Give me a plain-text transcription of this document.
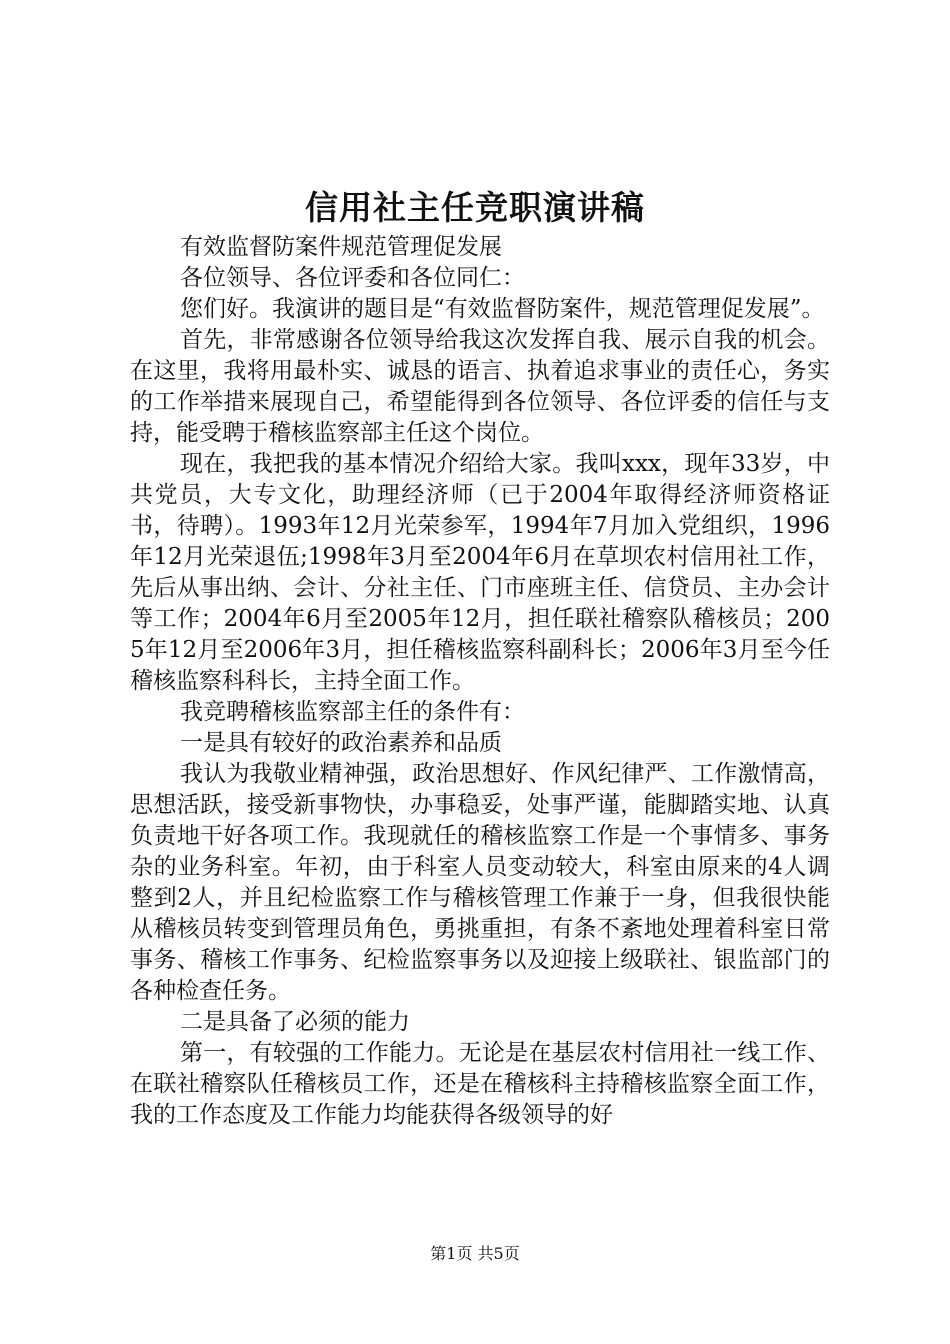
信用社主任竞职演讲稿

有效监督防案件规范管理促发展

各位领导、各位评委和各位同仁：

您们好。我演讲的题目是“有效监督防案件，规范管理促发展”。

首先，非常感谢各位领导给我这次发挥自我、展示自我的机会。在这里，我将用最朴实、诚恳的语言、执着追求事业的责任心，务实的工作举措来展现自己，希望能得到各位领导、各位评委的信任与支持，能受聘于稽核监察部主任这个岗位。

现在，我把我的基本情况介绍给大家。我叫xxx，现年33岁，中共党员，大专文化，助理经济师（已于2004年取得经济师资格证书，待聘）。1993年12月光荣参军，1994年7月加入党组织，1996年12月光荣退伍;1998年3月至2004年6月在草坝农村信用社工作，先后从事出纳、会计、分社主任、门市座班主任、信贷员、主办会计等工作；2004年6月至2005年12月，担任联社稽察队稽核员；2005年12月至2006年3月，担任稽核监察科副科长；2006年3月至今任稽核监察科科长，主持全面工作。

我竞聘稽核监察部主任的条件有：

一是具有较好的政治素养和品质

我认为我敬业精神强，政治思想好、作风纪律严、工作激情高，思想活跃，接受新事物快，办事稳妥，处事严谨，能脚踏实地、认真负责地干好各项工作。我现就任的稽核监察工作是一个事情多、事务杂的业务科室。年初，由于科室人员变动较大，科室由原来的4人调整到2人，并且纪检监察工作与稽核管理工作兼于一身，但我很快能从稽核员转变到管理员角色，勇挑重担，有条不紊地处理着科室日常事务、稽核工作事务、纪检监察事务以及迎接上级联社、银监部门的各种检查任务。

二是具备了必须的能力

第一，有较强的工作能力。无论是在基层农村信用社一线工作、在联社稽察队任稽核员工作，还是在稽核科主持稽核监察全面工作，我的工作态度及工作能力均能获得各级领导的好

第1页 共5页
